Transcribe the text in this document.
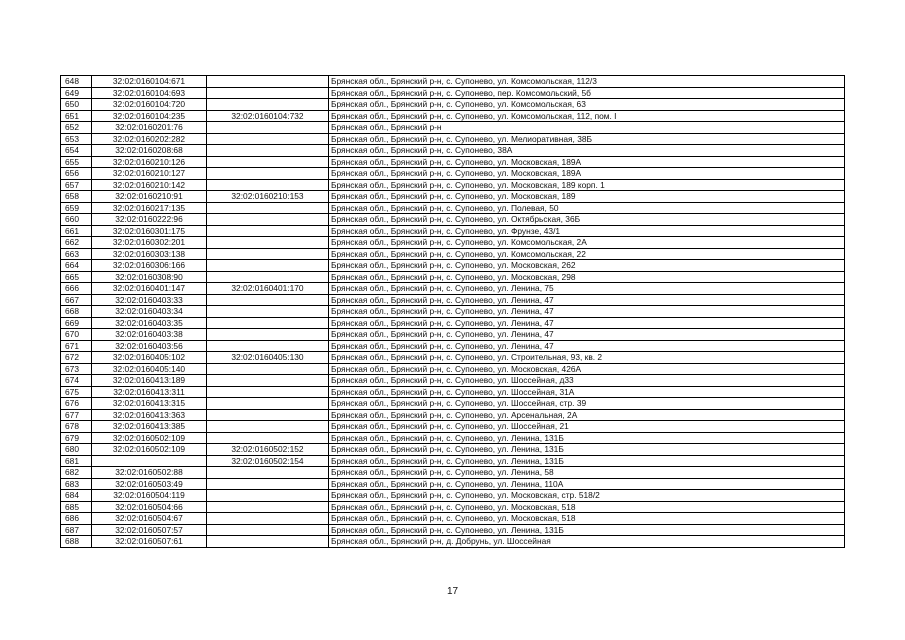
648	32:02:0160104:671		Брянская обл., Брянский р-н, с. Супонево, ул. Комсомольская, 112/3
649	32:02:0160104:693		Брянская обл., Брянский р-н, с. Супонево, пер. Комсомольский, 5б
650	32:02:0160104:720		Брянская обл., Брянский р-н, с. Супонево, ул. Комсомольская, 63
651	32:02:0160104:235	32:02:0160104:732	Брянская обл., Брянский р-н, с. Супонево, ул. Комсомольская, 112, пом. I
652	32:02:0160201:76		Брянская обл., Брянский р-н
653	32:02:0160202:282		Брянская обл., Брянский р-н, с. Супонево, ул. Мелиоративная, 38Б
654	32:02:0160208:68		Брянская обл., Брянский р-н, с. Супонево, 38А
655	32:02:0160210:126		Брянская обл., Брянский р-н, с. Супонево, ул. Московская, 189А
656	32:02:0160210:127		Брянская обл., Брянский р-н, с. Супонево, ул. Московская, 189А
657	32:02:0160210:142		Брянская обл., Брянский р-н, с. Супонево, ул. Московская, 189 корп. 1
658	32:02:0160210:91	32:02:0160210:153	Брянская обл., Брянский р-н, с. Супонево, ул. Московская, 189
659	32:02:0160217:135		Брянская обл., Брянский р-н, с. Супонево, ул. Полевая, 50
660	32:02:0160222:96		Брянская обл., Брянский р-н, с. Супонево, ул. Октябрьская, 36Б
661	32:02:0160301:175		Брянская обл., Брянский р-н, с. Супонево, ул. Фрунзе, 43/1
662	32:02:0160302:201		Брянская обл., Брянский р-н, с. Супонево, ул. Комсомольская, 2А
663	32:02:0160303:138		Брянская обл., Брянский р-н, с. Супонево, ул. Комсомольская, 22
664	32:02:0160306:166		Брянская обл., Брянский р-н, с. Супонево, ул. Московская, 262
665	32:02:0160308:90		Брянская обл., Брянский р-н, с. Супонево, ул. Московская, 298
666	32:02:0160401:147	32:02:0160401:170	Брянская обл., Брянский р-н, с. Супонево, ул. Ленина, 75
667	32:02:0160403:33		Брянская обл., Брянский р-н, с. Супонево, ул. Ленина, 47
668	32:02:0160403:34		Брянская обл., Брянский р-н, с. Супонево, ул. Ленина, 47
669	32:02:0160403:35		Брянская обл., Брянский р-н, с. Супонево, ул. Ленина, 47
670	32:02:0160403:38		Брянская обл., Брянский р-н, с. Супонево, ул. Ленина, 47
671	32:02:0160403:56		Брянская обл., Брянский р-н, с. Супонево, ул. Ленина, 47
672	32:02:0160405:102	32:02:0160405:130	Брянская обл., Брянский р-н, с. Супонево, ул. Строительная, 93, кв. 2
673	32:02:0160405:140		Брянская обл., Брянский р-н, с. Супонево, ул. Московская, 426А
674	32:02:0160413:189		Брянская обл., Брянский р-н, с. Супонево, ул. Шоссейная, д33
675	32:02:0160413:311		Брянская обл., Брянский р-н, с. Супонево, ул. Шоссейная, 31А
676	32:02:0160413:315		Брянская обл., Брянский р-н, с. Супонево, ул. Шоссейная, стр. 39
677	32:02:0160413:363		Брянская обл., Брянский р-н, с. Супонево, ул. Арсенальная, 2А
678	32:02:0160413:385		Брянская обл., Брянский р-н, с. Супонево, ул. Шоссейная, 21
679	32:02:0160502:109		Брянская обл., Брянский р-н, с. Супонево, ул. Ленина, 131Б
680	32:02:0160502:109	32:02:0160502:152	Брянская обл., Брянский р-н, с. Супонево, ул. Ленина, 131Б
681		32:02:0160502:154	Брянская обл., Брянский р-н, с. Супонево, ул. Ленина, 131Б
682	32:02:0160502:88		Брянская обл., Брянский р-н, с. Супонево, ул. Ленина, 58
683	32:02:0160503:49		Брянская обл., Брянский р-н, с. Супонево, ул. Ленина, 110А
684	32:02:0160504:119		Брянская обл., Брянский р-н, с. Супонево, ул. Московская, стр. 518/2
685	32:02:0160504:66		Брянская обл., Брянский р-н, с. Супонево, ул. Московская, 518
686	32:02:0160504:67		Брянская обл., Брянский р-н, с. Супонево, ул. Московская, 518
687	32:02:0160507:57		Брянская обл., Брянский р-н, с. Супонево, ул. Ленина, 131Б
688	32:02:0160507:61		Брянская обл., Брянский р-н, д. Добрунь, ул. Шоссейная
17
